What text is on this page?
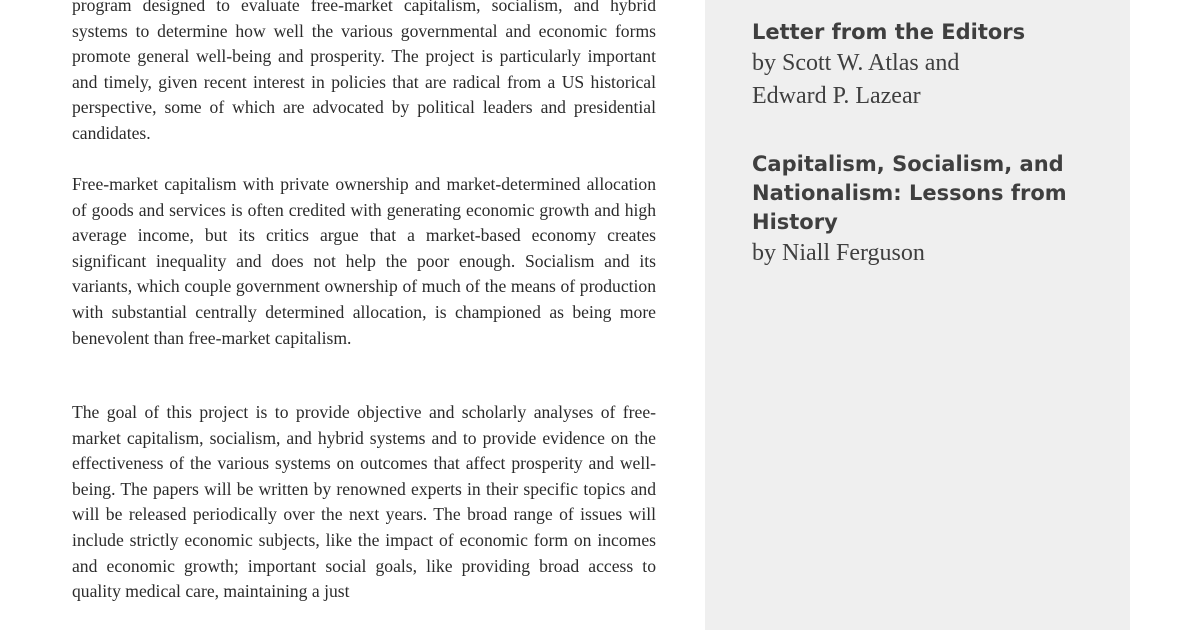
program designed to evaluate free-market capitalism, socialism, and hybrid systems to determine how well the various governmental and economic forms promote general well-being and prosperity. The project is particularly important and timely, given recent interest in policies that are radical from a US historical perspective, some of which are advocated by political leaders and presidential candidates.

Free-market capitalism with private ownership and market-determined allocation of goods and services is often credited with generating economic growth and high average income, but its critics argue that a market-based economy creates significant inequality and does not help the poor enough. Socialism and its variants, which couple government ownership of much of the means of production with substantial centrally determined allocation, is championed as being more benevolent than free-market capitalism.

The goal of this project is to provide objective and scholarly analyses of free-market capitalism, socialism, and hybrid systems and to provide evidence on the effectiveness of the various systems on outcomes that affect prosperity and well-being. The papers will be written by renowned experts in their specific topics and will be released periodically over the next years. The broad range of issues will include strictly economic subjects, like the impact of economic form on incomes and economic growth; important social goals, like providing broad access to quality medical care, maintaining a just

Letter from the Editors

by Scott W. Atlas and

Edward P. Lazear

Capitalism, Socialism, and Nationalism: Lessons from History

by Niall Ferguson
